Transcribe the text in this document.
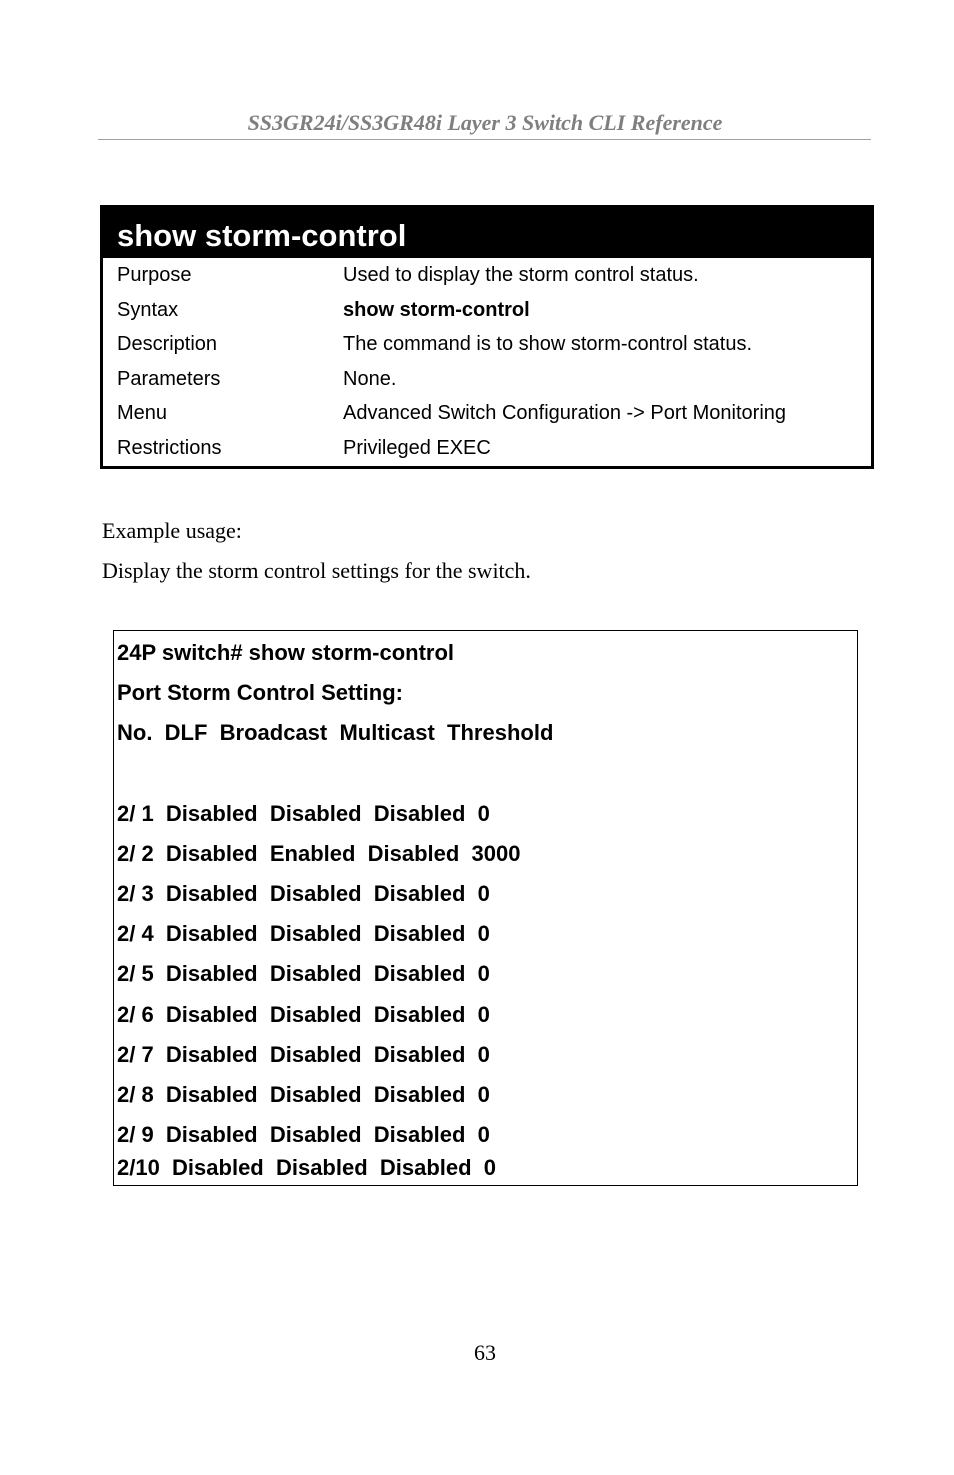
SS3GR24i/SS3GR48i Layer 3 Switch CLI Reference
show storm-control
Purpose	Used to display the storm control status.
Syntax	show storm-control
Description	The command is to show storm-control status.
Parameters	None.
Menu	Advanced Switch Configuration -> Port Monitoring
Restrictions	Privileged EXEC
Example usage:
Display the storm control settings for the switch.
24P switch# show storm-control
Port Storm Control Setting:
No.  DLF  Broadcast  Multicast  Threshold
2/ 1  Disabled  Disabled  Disabled  0
2/ 2  Disabled  Enabled  Disabled  3000
2/ 3  Disabled  Disabled  Disabled  0
2/ 4  Disabled  Disabled  Disabled  0
2/ 5  Disabled  Disabled  Disabled  0
2/ 6  Disabled  Disabled  Disabled  0
2/ 7  Disabled  Disabled  Disabled  0
2/ 8  Disabled  Disabled  Disabled  0
2/ 9  Disabled  Disabled  Disabled  0
2/10  Disabled  Disabled  Disabled  0
63
